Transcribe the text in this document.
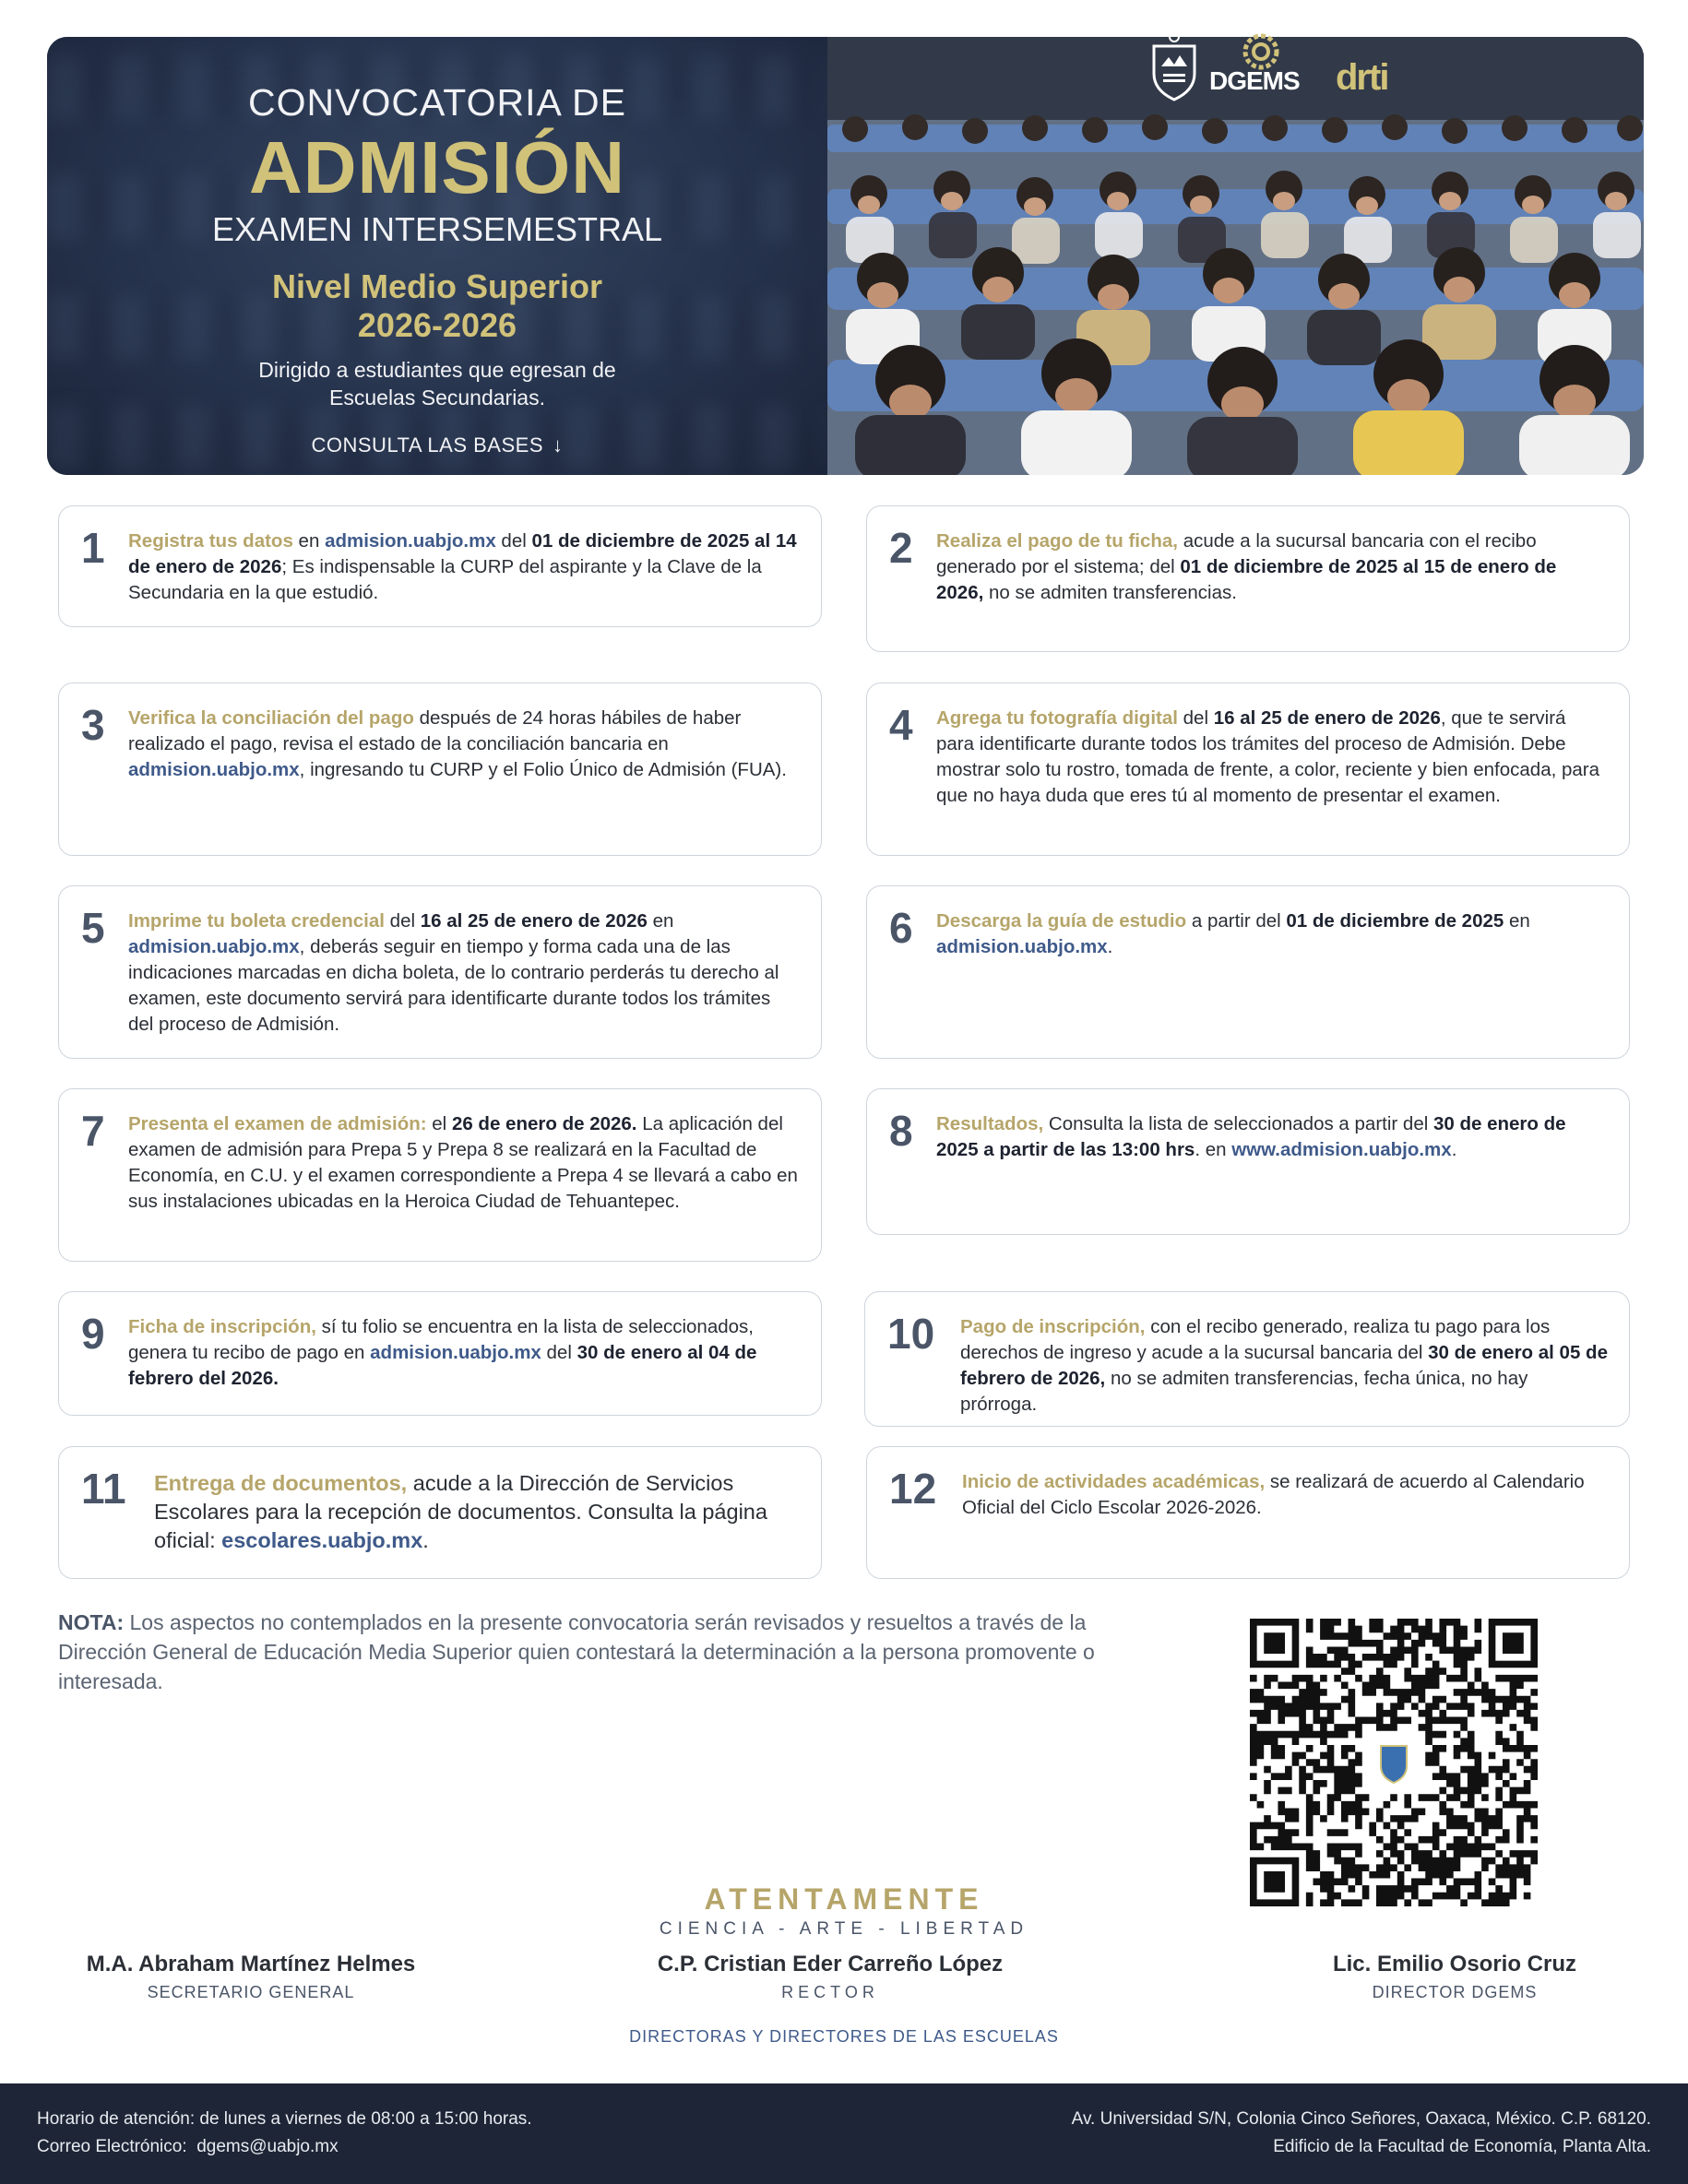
CONVOCATORIA DE
ADMISIÓN
EXAMEN INTERSEMESTRAL
Nivel Medio Superior
2026-2026
Dirigido a estudiantes que egresan de
Escuelas Secundarias.
CONSULTA LAS BASES ↓
DGEMS drti
1 Registra tus datos en admision.uabjo.mx del 01 de diciembre de 2025 al 14 de enero de 2026; Es indispensable la CURP del aspirante y la Clave de la Secundaria en la que estudió.
2 Realiza el pago de tu ficha, acude a la sucursal bancaria con el recibo generado por el sistema; del 01 de diciembre de 2025 al 15 de enero de 2026, no se admiten transferencias.
3 Verifica la conciliación del pago después de 24 horas hábiles de haber realizado el pago, revisa el estado de la conciliación bancaria en admision.uabjo.mx, ingresando tu CURP y el Folio Único de Admisión (FUA).
4 Agrega tu fotografía digital del 16 al 25 de enero de 2026, que te servirá para identificarte durante todos los trámites del proceso de Admisión. Debe mostrar solo tu rostro, tomada de frente, a color, reciente y bien enfocada, para que no haya duda que eres tú al momento de presentar el examen.
5 Imprime tu boleta credencial del 16 al 25 de enero de 2026 en admision.uabjo.mx, deberás seguir en tiempo y forma cada una de las indicaciones marcadas en dicha boleta, de lo contrario perderás tu derecho al examen, este documento servirá para identificarte durante todos los trámites del proceso de Admisión.
6 Descarga la guía de estudio a partir del 01 de diciembre de 2025 en admision.uabjo.mx.
7 Presenta el examen de admisión: el 26 de enero de 2026. La aplicación del examen de admisión para Prepa 5 y Prepa 8 se realizará en la Facultad de Economía, en C.U. y el examen correspondiente a Prepa 4 se llevará a cabo en sus instalaciones ubicadas en la Heroica Ciudad de Tehuantepec.
8 Resultados, Consulta la lista de seleccionados a partir del 30 de enero de 2025 a partir de las 13:00 hrs. en www.admision.uabjo.mx.
9 Ficha de inscripción, sí tu folio se encuentra en la lista de seleccionados, genera tu recibo de pago en admision.uabjo.mx del 30 de enero al 04 de febrero del 2026.
10 Pago de inscripción, con el recibo generado, realiza tu pago para los derechos de ingreso y acude a la sucursal bancaria del 30 de enero al 05 de febrero de 2026, no se admiten transferencias, fecha única, no hay prórroga.
11 Entrega de documentos, acude a la Dirección de Servicios Escolares para la recepción de documentos. Consulta la página oficial: escolares.uabjo.mx.
12 Inicio de actividades académicas, se realizará de acuerdo al Calendario Oficial del Ciclo Escolar 2026-2026.
NOTA: Los aspectos no contemplados en la presente convocatoria serán revisados y resueltos a través de la Dirección General de Educación Media Superior quien contestará la determinación a la persona promovente o interesada.
ATENTAMENTE
CIENCIA - ARTE - LIBERTAD
M.A. Abraham Martínez Helmes
SECRETARIO GENERAL
C.P. Cristian Eder Carreño López
RECTOR
Lic. Emilio Osorio Cruz
DIRECTOR DGEMS
DIRECTORAS Y DIRECTORES DE LAS ESCUELAS
Horario de atención: de lunes a viernes de 08:00 a 15:00 horas.
Correo Electrónico: dgems@uabjo.mx
Av. Universidad S/N, Colonia Cinco Señores, Oaxaca, México. C.P. 68120.
Edificio de la Facultad de Economía, Planta Alta.
